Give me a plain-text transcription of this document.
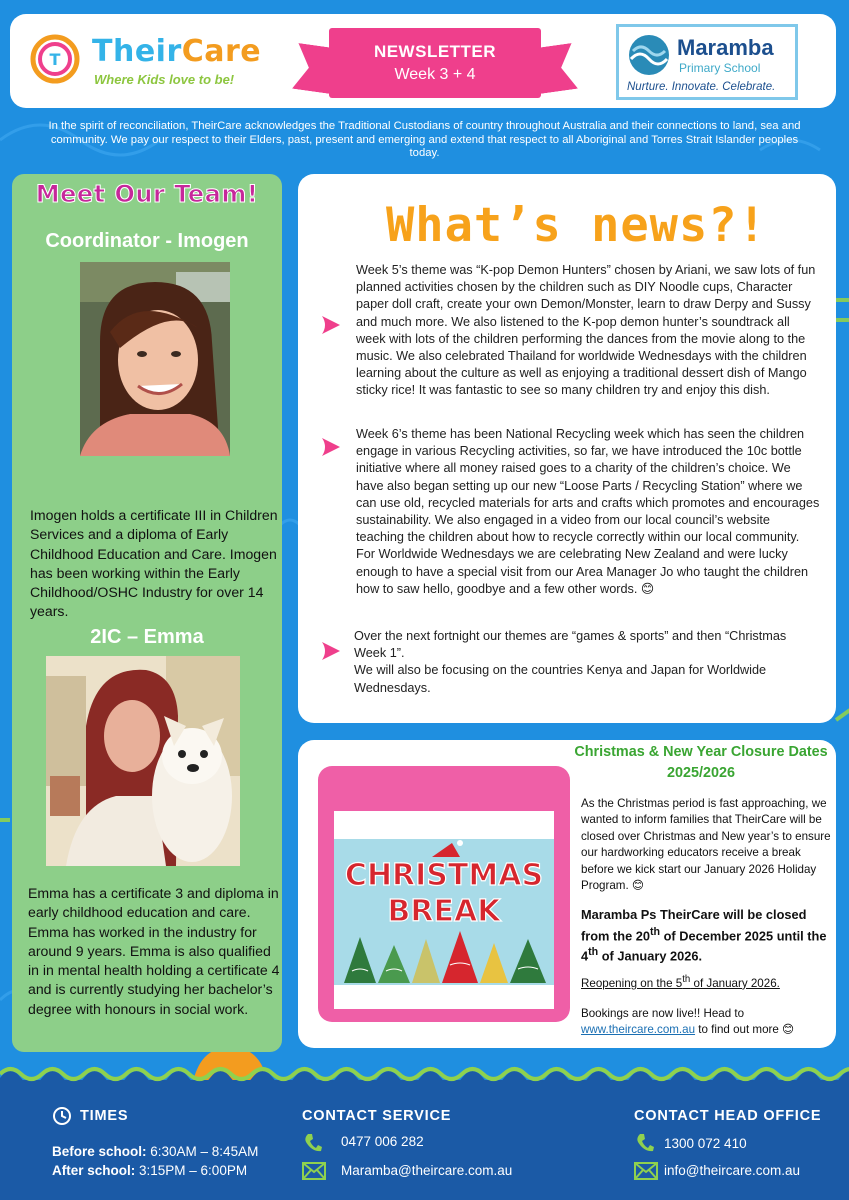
T TheirCare
Where Kids love to be!
NEWSLETTER
Week 3 + 4
Maramba
Primary School
Nurture. Innovate. Celebrate.
In the spirit of reconciliation, TheirCare acknowledges the Traditional Custodians of country throughout Australia and their connections to land, sea and community. We pay our respect to their Elders, past, present and emerging and extend that respect to all Aboriginal and Torres Strait Islander peoples today.
Meet Our Team!
Coordinator - Imogen
Imogen holds a certificate III in Children Services and a diploma of Early Childhood Education and Care. Imogen has been working within the Early Childhood/OSHC Industry for over 14 years.
2IC – Emma
Emma has a certificate 3 and diploma in early childhood education and care. Emma has worked in the industry for around 9 years. Emma is also qualified in in mental health holding a certificate 4 and is currently studying her bachelor’s degree with honours in social work.
What’s news?!
Week 5’s theme was “K-pop Demon Hunters” chosen by Ariani, we saw lots of fun planned activities chosen by the children such as DIY Noodle cups, Character paper doll craft, create your own Demon/Monster, learn to draw Derpy and Sussy and much more. We also listened to the K-pop demon hunter’s soundtrack all week with lots of the children performing the dances from the movie along to the music. We also celebrated Thailand for worldwide Wednesdays with the children learning about the culture as well as enjoying a traditional dessert dish of Mango sticky rice! It was fantastic to see so many children try and enjoy this dish.
Week 6’s theme has been National Recycling week which has seen the children engage in various Recycling activities, so far, we have introduced the 10c bottle initiative where all money raised goes to a charity of the children’s choice. We have also began setting up our new “Loose Parts / Recycling Station” where we can use old, recycled materials for arts and crafts which promotes and encourages sustainability. We also engaged in a video from our local council’s website teaching the children about how to recycle correctly within our local community.
For Worldwide Wednesdays we are celebrating New Zealand and were lucky enough to have a special visit from our Area Manager Jo who taught the children how to saw hello, goodbye and a few other words. 😊
Over the next fortnight our themes are “games & sports” and then “Christmas Week 1”.
We will also be focusing on the countries Kenya and Japan for Worldwide Wednesdays.
CHRISTMAS
BREAK
Christmas & New Year Closure Dates 2025/2026
As the Christmas period is fast approaching, we wanted to inform families that TheirCare will be closed over Christmas and New year’s to ensure our hardworking educators receive a break before we kick start our January 2026 Holiday Program. 😊
Maramba Ps TheirCare will be closed from the 20th of December 2025 until the 4th of January 2026.
Reopening on the 5th of January 2026.
Bookings are now live!! Head to www.theircare.com.au to find out more 😊
TIMES
Before school: 6:30AM – 8:45AM
After school: 3:15PM – 6:00PM
CONTACT SERVICE
0477 006 282
Maramba@theircare.com.au
CONTACT HEAD OFFICE
1300 072 410
info@theircare.com.au
